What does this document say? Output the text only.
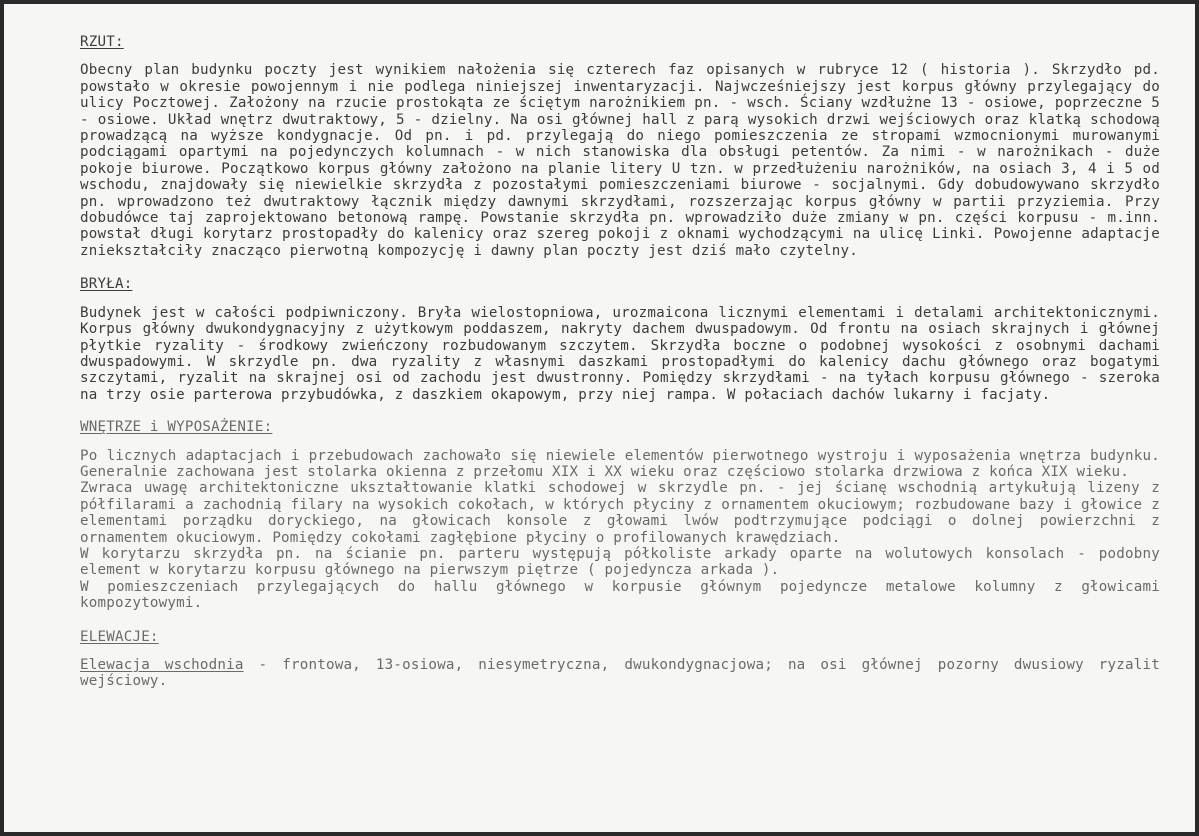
RZUT:

Obecny plan budynku poczty jest wynikiem nałożenia się czterech faz opisanych w rubryce 12 ( historia ). Skrzydło pd. powstało w okresie powojennym i nie podlega niniejszej inwentaryzacji. Najwcześniejszy jest korpus główny przylegający do ulicy Pocztowej. Założony na rzucie prostokąta ze ściętym narożnikiem pn. - wsch. Ściany wzdłużne 13 - osiowe, poprzeczne 5 - osiowe. Układ wnętrz dwutraktowy, 5 - dzielny. Na osi głównej hall z parą wysokich drzwi wejściowych oraz klatką schodową prowadzącą na wyższe kondygnacje. Od pn. i pd. przylegają do niego pomieszczenia ze stropami wzmocnionymi murowanymi podciągami opartymi na pojedynczych kolumnach - w nich stanowiska dla obsługi petentów. Za nimi - w narożnikach - duże pokoje biurowe. Początkowo korpus główny założono na planie litery U tzn. w przedłużeniu narożników, na osiach 3, 4 i 5 od wschodu, znajdowały się niewielkie skrzydła z pozostałymi pomieszczeniami biurowe - socjalnymi. Gdy dobudowywano skrzydło pn. wprowadzono też dwutraktowy łącznik między dawnymi skrzydłami, rozszerzając korpus główny w partii przyziemia. Przy dobudówce taj zaprojektowano betonową rampę. Powstanie skrzydła pn. wprowadziło duże zmiany w pn. części korpusu - m.inn. powstał długi korytarz prostopadły do kalenicy oraz szereg pokoji z oknami wychodzącymi na ulicę Linki. Powojenne adaptacje zniekształciły znacząco pierwotną kompozycję i dawny plan poczty jest dziś mało czytelny.

BRYŁA:

Budynek jest w całości podpiwniczony. Bryła wielostopniowa, urozmaicona licznymi elementami i detalami architektonicznymi. Korpus główny dwukondygnacyjny z użytkowym poddaszem, nakryty dachem dwuspadowym. Od frontu na osiach skrajnych i głównej płytkie ryzality - środkowy zwieńczony rozbudowanym szczytem. Skrzydła boczne o podobnej wysokości z osobnymi dachami dwuspadowymi. W skrzydle pn. dwa ryzality z własnymi daszkami prostopadłymi do kalenicy dachu głównego oraz bogatymi szczytami, ryzalit na skrajnej osi od zachodu jest dwustronny. Pomiędzy skrzydłami - na tyłach korpusu głównego - szeroka na trzy osie parterowa przybudówka, z daszkiem okapowym, przy niej rampa. W połaciach dachów lukarny i facjaty.

WNĘTRZE i WYPOSAŻENIE:

Po licznych adaptacjach i przebudowach zachowało się niewiele elementów pierwotnego wystroju i wyposażenia wnętrza budynku. Generalnie zachowana jest stolarka okienna z przełomu XIX i XX wieku oraz częściowo stolarka drzwiowa z końca XIX wieku.

Zwraca uwagę architektoniczne ukształtowanie klatki schodowej w skrzydle pn. - jej ścianę wschodnią artykułują lizeny z półfilarami a zachodnią filary na wysokich cokołach, w których płyciny z ornamentem okuciowym; rozbudowane bazy i głowice z elementami porządku doryckiego, na głowicach konsole z głowami lwów podtrzymujące podciągi o dolnej powierzchni z ornamentem okuciowym. Pomiędzy cokołami zagłębione płyciny o profilowanych krawędziach.

W korytarzu skrzydła pn. na ścianie pn. parteru występują półkoliste arkady oparte na wolutowych konsolach - podobny element w korytarzu korpusu głównego na pierwszym piętrze ( pojedyncza arkada ).

W pomieszczeniach przylegających do hallu głównego w korpusie głównym pojedyncze metalowe kolumny z głowicami kompozytowymi.

ELEWACJE:

Elewacja wschodnia - frontowa, 13-osiowa, niesymetryczna, dwukondygnacjowa; na osi głównej pozorny dwusiowy ryzalit wejściowy.
